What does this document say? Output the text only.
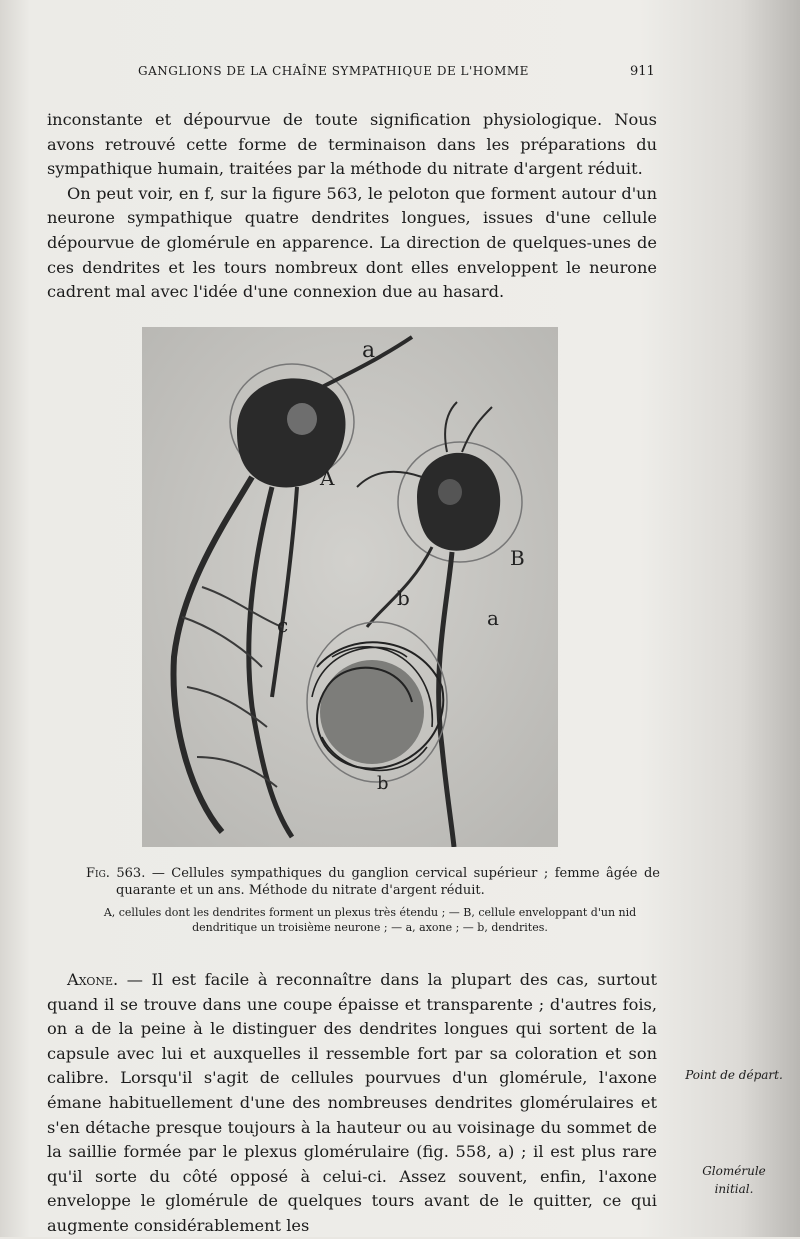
GANGLIONS DE LA CHAÎNE SYMPATHIQUE DE L'HOMME	911

inconstante et dépourvue de toute signification physiologique. Nous avons retrouvé cette forme de terminaison dans les préparations du sympathique humain, traitées par la méthode du nitrate d'argent réduit.

On peut voir, en f, sur la figure 563, le peloton que forment autour d'un neurone sympathique quatre dendrites longues, issues d'une cellule dépourvue de glomérule en apparence. La direction de quelques-unes de ces dendrites et les tours nombreux dont elles enveloppent le neurone cadrent mal avec l'idée d'une connexion due au hasard.

a
A
B
a
b
c
b
Fig. 563. — Cellules sympathiques du ganglion cervical supérieur ; femme âgée de quarante et un ans. Méthode du nitrate d'argent réduit.
A, cellules dont les dendrites forment un plexus très étendu ; — B, cellule enveloppant d'un nid dendritique un troisième neurone ; — a, axone ; — b, dendrites.

Axone. — Il est facile à reconnaître dans la plupart des cas, surtout quand il se trouve dans une coupe épaisse et transparente ; d'autres fois, on a de la peine à le distinguer des dendrites longues qui sortent de la capsule avec lui et auxquelles il ressemble fort par sa coloration et son calibre. Lorsqu'il s'agit de cellules pourvues d'un glomérule, l'axone émane habituellement d'une des nombreuses dendrites glomérulaires et s'en détache presque toujours à la hauteur ou au voisinage du sommet de la saillie formée par le plexus glomérulaire (fig. 558, a) ; il est plus rare qu'il sorte du côté opposé à celui-ci. Assez souvent, enfin, l'axone enveloppe le glomérule de quelques tours avant de le quitter, ce qui augmente considérablement les

Point de départ.
Glomérule initial.
